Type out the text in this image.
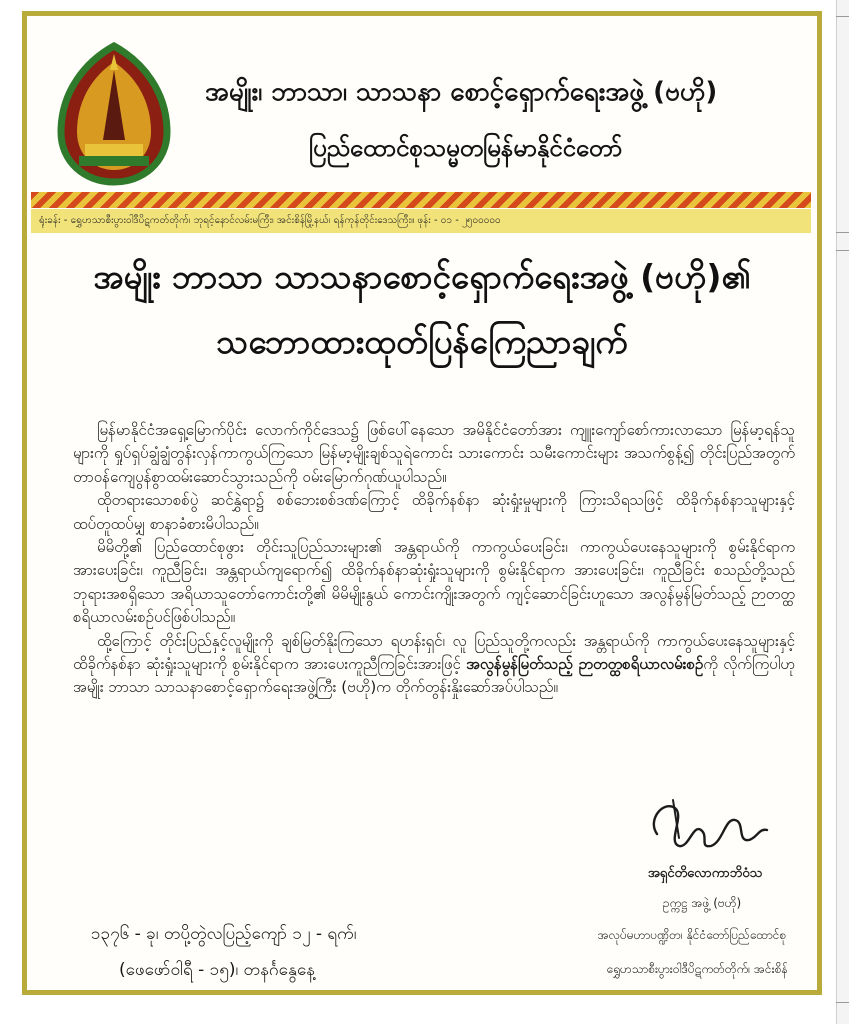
အမျိုး၊ ဘာသာ၊ သာသနာ စောင့်ရှောက်ရေးအဖွဲ့ (ဗဟို)
ပြည်ထောင်စုသမ္မတမြန်မာနိုင်ငံတော်
ရုံးခန်း - ရွှေဟသာစီးပွားဝါဒီပိဋကတ်တိုက်၊ ဘုရင့်နောင်လမ်းမကြီး၊ အင်းစိန်မြို့နယ်၊ ရန်ကုန်တိုင်းဒေသကြီး။ ဖုန်း - ၀၁ - ၂၅၀၀၀၀၀
အမျိုး ဘာသာ သာသနာစောင့်ရှောက်ရေးအဖွဲ့ (ဗဟို)၏
သဘောထားထုတ်ပြန်ကြေညာချက်

မြန်မာနိုင်ငံအရှေ့မြောက်ပိုင်း လောက်ကိုင်ဒေသ၌ ဖြစ်ပေါ်နေသော အမိနိုင်ငံတော်အား ကျူးကျော်စော်ကားလာသော မြန်မာ့ရန်သူများကို ရှုပ်ရှပ်ချွံချွံတွန်းလှန်ကာကွယ်ကြသော မြန်မာ့မျိုးချစ်သူရဲကောင်း သားကောင်း သမီးကောင်းများ အသက်စွန့်၍ တိုင်းပြည်အတွက် တာဝန်ကျေပွန်စွာထမ်းဆောင်သွားသည်ကို ဝမ်းမြောက်ဂုဏ်ယူပါသည်။

ထိုတရားသောစစ်ပွဲ ဆင်နွှဲရာ၌ စစ်ဘေးစစ်ဒဏ်ကြောင့် ထိခိုက်နစ်နာ ဆုံးရှုံးမှုများကို ကြားသိရသဖြင့် ထိခိုက်နစ်နာသူများနှင့် ထပ်တူထပ်မျှ စာနာခံစားမိပါသည်။

မိမိတို့၏ ပြည်ထောင်စုဖွား တိုင်းသူပြည်သားများ၏ အန္တရာယ်ကို ကာကွယ်ပေးခြင်း၊ ကာကွယ်ပေးနေသူများကို စွမ်းနိုင်ရာက အားပေးခြင်း၊ ကူညီခြင်း၊ အန္တရာယ်ကျရောက်၍ ထိခိုက်နစ်နာဆုံးရှုံးသူများကို စွမ်းနိုင်ရာက အားပေးခြင်း၊ ကူညီခြင်း စသည်တို့သည် ဘုရားအစရှိသော အရိယာသူတော်ကောင်းတို့၏ မိမိမျိုးနွယ် ကောင်းကျိုးအတွက် ကျင့်ဆောင်ခြင်းဟူသော အလွန်မွန်မြတ်သည့် ဉာတတ္ထစရိယာလမ်းစဉ်ပင်ဖြစ်ပါသည်။

ထို့ကြောင့် တိုင်းပြည်နှင့်လူမျိုးကို ချစ်မြတ်နိုးကြသော ရဟန်းရှင်၊ လူ ပြည်သူတို့ကလည်း အန္တရာယ်ကို ကာကွယ်ပေးနေသူများနှင့် ထိခိုက်နစ်နာ ဆုံးရှုံးသူများကို စွမ်းနိုင်ရာက အားပေးကူညီကြခြင်းအားဖြင့် အလွန်မွန်မြတ်သည့် ဉာတတ္ထစရိယာလမ်းစဉ်ကို လိုက်ကြပါဟု အမျိုး ဘာသာ သာသနာစောင့်ရှောက်ရေးအဖွဲ့ကြီး (ဗဟို)က တိုက်တွန်းနှိုးဆော်အပ်ပါသည်။

အရှင်တိလောကာဘိဝံသ
ဥက္ကဋ္ဌ အဖွဲ့ (ဗဟို)
အလုပ်မဟာပဏ္ဍိတ၊ နိုင်ငံတော်ပြည်ထောင်စု
ရွှေဟသာစီးပွားဝါဒီပိဋကတ်တိုက်၊ အင်းစိန်
၁၃၇၆ - ခု၊ တပို့တွဲလပြည့်ကျော် ၁၂ - ရက်၊
(ဖေဖော်ဝါရီ - ၁၅)၊ တနင်္ဂနွေနေ့
